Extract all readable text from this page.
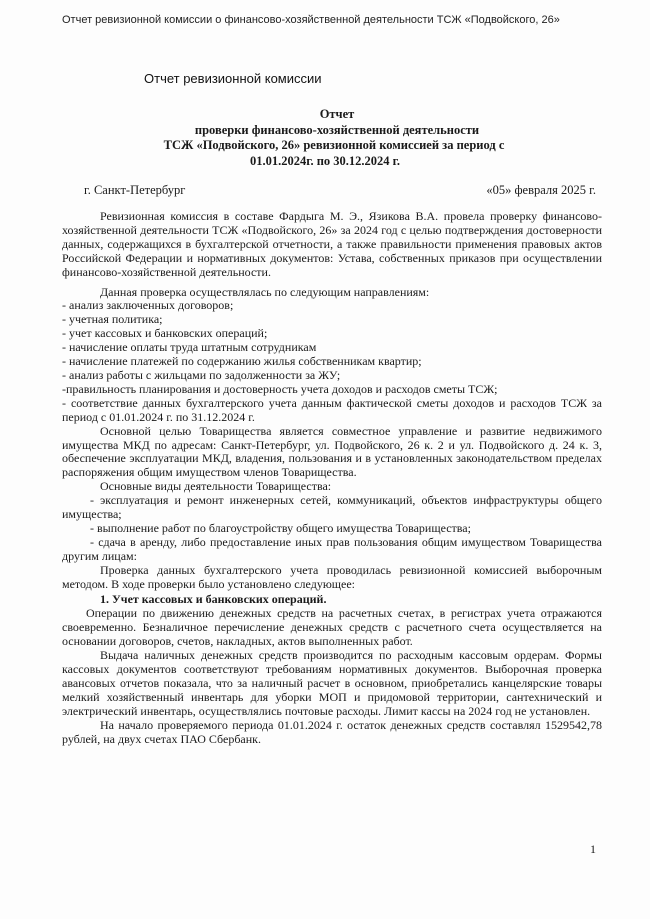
Отчет ревизионной комиссии о финансово-хозяйственной деятельности ТСЖ «Подвойского, 26»
Отчет ревизионной комиссии
Отчет
проверки финансово-хозяйственной деятельности
ТСЖ «Подвойского, 26» ревизионной комиссией за период с
01.01.2024г. по 30.12.2024 г.
г. Санкт-Петербург	«05» февраля 2025 г.

Ревизионная комиссия в составе Фардыга М. Э., Язикова В.А. провела проверку финансово-хозяйственной деятельности ТСЖ «Подвойского, 26» за 2024 год с целью подтверждения достоверности данных, содержащихся в бухгалтерской отчетности, а также правильности применения правовых актов Российской Федерации и нормативных документов: Устава, собственных приказов при осуществлении финансово-хозяйственной деятельности.

Данная проверка осуществлялась по следующим направлениям:

- анализ заключенных договоров;

- учетная политика;

- учет кассовых и банковских операций;

- начисление оплаты труда штатным сотрудникам

- начисление платежей по содержанию жилья собственникам квартир;

- анализ работы с жильцами по задолженности за ЖУ;

-правильность планирования и достоверность учета доходов и расходов сметы ТСЖ;

- соответствие данных бухгалтерского учета данным фактической сметы доходов и расходов ТСЖ за период с 01.01.2024 г. по 31.12.2024 г.

Основной целью Товарищества является совместное управление и развитие недвижимого имущества МКД по адресам: Санкт-Петербург, ул. Подвойского, 26 к. 2 и ул. Подвойского д. 24 к. 3, обеспечение эксплуатации МКД, владения, пользования и в установленных законодательством пределах распоряжения общим имуществом членов Товарищества.

Основные виды деятельности Товарищества:

- эксплуатация и ремонт инженерных сетей, коммуникаций, объектов инфраструктуры общего имущества;

- выполнение работ по благоустройству общего имущества Товарищества;

- сдача в аренду, либо предоставление иных прав пользования общим имуществом Товарищества другим лицам:

Проверка данных бухгалтерского учета проводилась ревизионной комиссией выборочным методом. В ходе проверки было установлено следующее:

1. Учет кассовых и банковских операций.

Операции по движению денежных средств на расчетных счетах, в регистрах учета отражаются своевременно. Безналичное перечисление денежных средств с расчетного счета осуществляется на основании договоров, счетов, накладных, актов выполненных работ.

Выдача наличных денежных средств производится по расходным кассовым ордерам. Формы кассовых документов соответствуют требованиям нормативных документов. Выборочная проверка авансовых отчетов показала, что за наличный расчет в основном, приобретались канцелярские товары мелкий хозяйственный инвентарь для уборки МОП и придомовой территории, сантехнический и электрический инвентарь, осуществлялись почтовые расходы. Лимит кассы на 2024 год не установлен.

На начало проверяемого периода 01.01.2024 г. остаток денежных средств составлял 1529542,78 рублей, на двух счетах ПАО Сбербанк.

1
